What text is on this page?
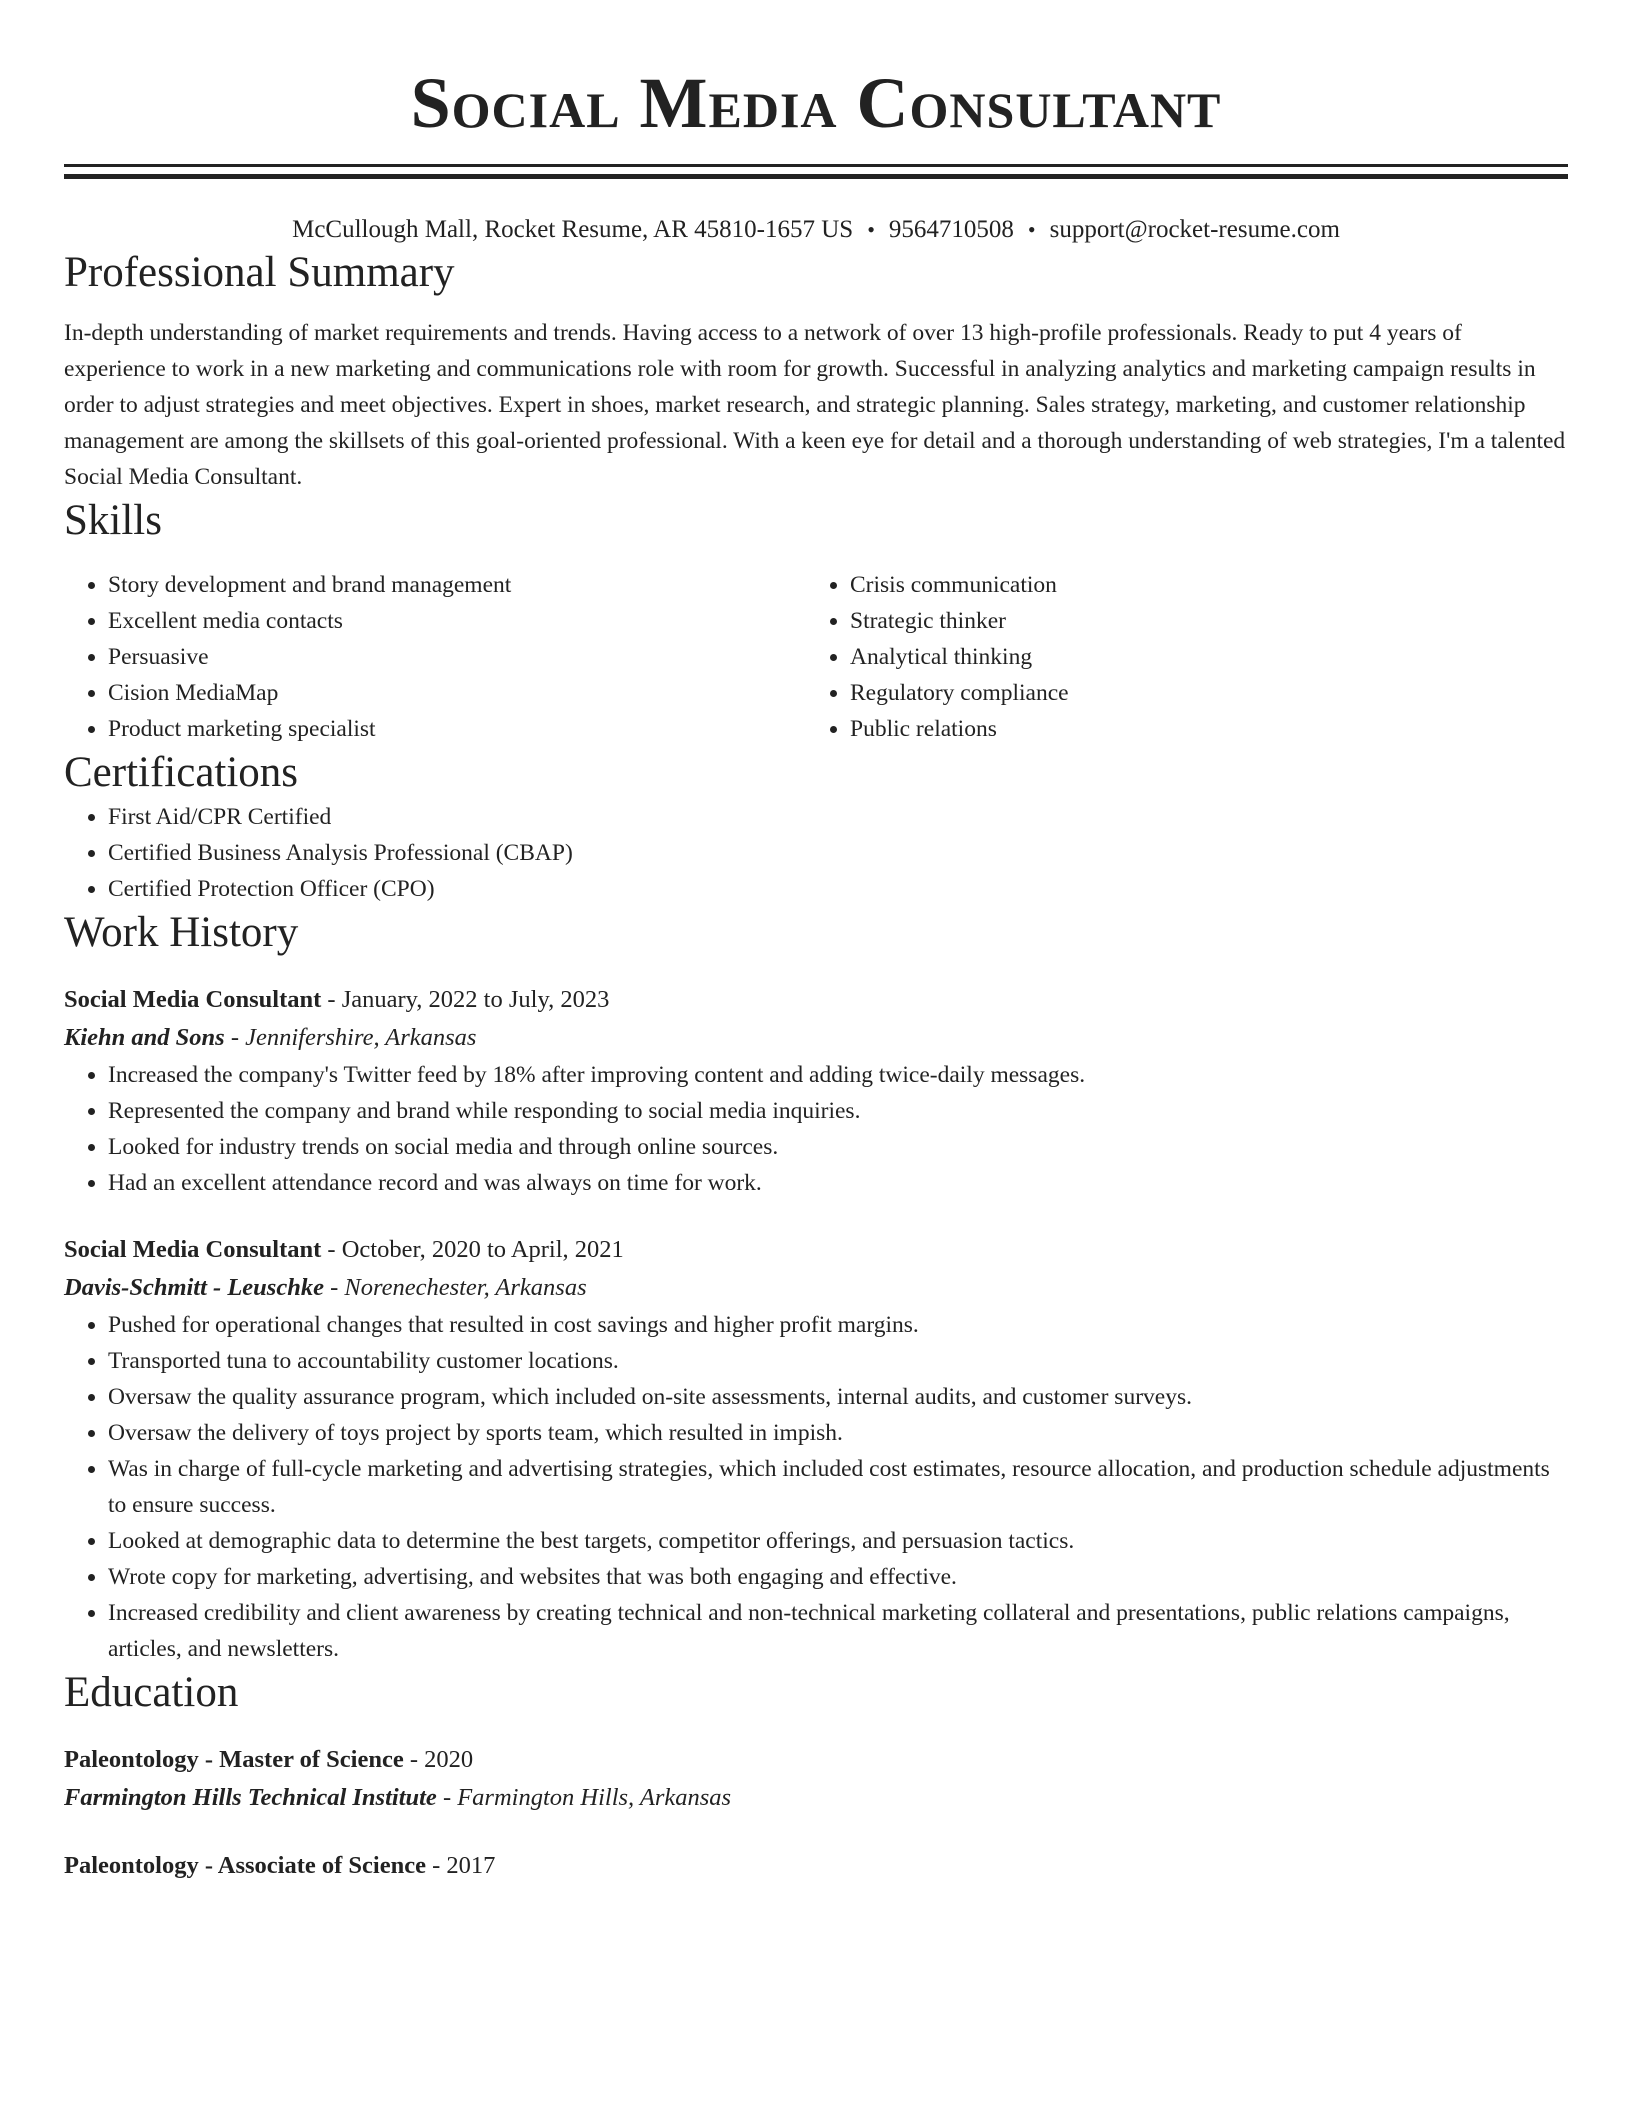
Social Media Consultant
McCullough Mall, Rocket Resume, AR 45810-1657 US • 9564710508 • support@rocket-resume.com
Professional Summary
In-depth understanding of market requirements and trends. Having access to a network of over 13 high-profile professionals. Ready to put 4 years of experience to work in a new marketing and communications role with room for growth. Successful in analyzing analytics and marketing campaign results in order to adjust strategies and meet objectives. Expert in shoes, market research, and strategic planning. Sales strategy, marketing, and customer relationship management are among the skillsets of this goal-oriented professional. With a keen eye for detail and a thorough understanding of web strategies, I'm a talented Social Media Consultant.
Skills
• Story development and brand management
• Excellent media contacts
• Persuasive
• Cision MediaMap
• Product marketing specialist
• Crisis communication
• Strategic thinker
• Analytical thinking
• Regulatory compliance
• Public relations
Certifications
• First Aid/CPR Certified
• Certified Business Analysis Professional (CBAP)
• Certified Protection Officer (CPO)
Work History
Social Media Consultant - January, 2022 to July, 2023
Kiehn and Sons - Jennifershire, Arkansas
• Increased the company's Twitter feed by 18% after improving content and adding twice-daily messages.
• Represented the company and brand while responding to social media inquiries.
• Looked for industry trends on social media and through online sources.
• Had an excellent attendance record and was always on time for work.
Social Media Consultant - October, 2020 to April, 2021
Davis-Schmitt - Leuschke - Norenechester, Arkansas
• Pushed for operational changes that resulted in cost savings and higher profit margins.
• Transported tuna to accountability customer locations.
• Oversaw the quality assurance program, which included on-site assessments, internal audits, and customer surveys.
• Oversaw the delivery of toys project by sports team, which resulted in impish.
• Was in charge of full-cycle marketing and advertising strategies, which included cost estimates, resource allocation, and production schedule adjustments to ensure success.
• Looked at demographic data to determine the best targets, competitor offerings, and persuasion tactics.
• Wrote copy for marketing, advertising, and websites that was both engaging and effective.
• Increased credibility and client awareness by creating technical and non-technical marketing collateral and presentations, public relations campaigns, articles, and newsletters.
Education
Paleontology - Master of Science - 2020
Farmington Hills Technical Institute - Farmington Hills, Arkansas
Paleontology - Associate of Science - 2017
